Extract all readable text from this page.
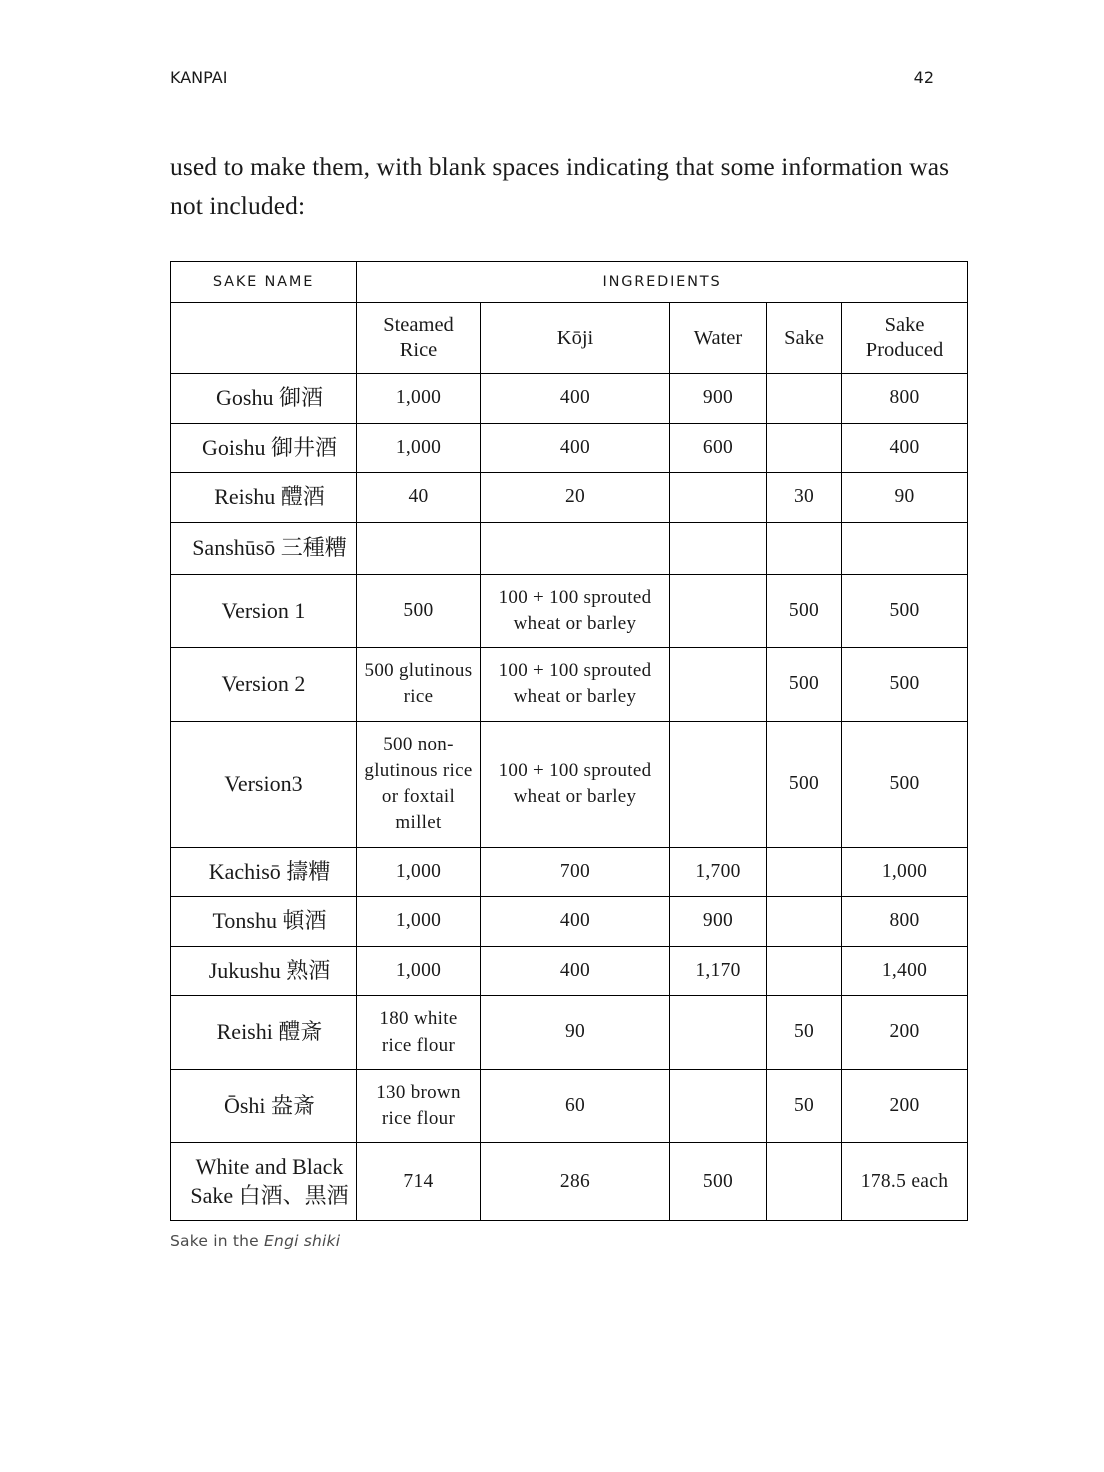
KANPAI	42
used to make them, with blank spaces indicating that some information was not included:
SAKE NAME	INGREDIENTS				
	Steamed Rice	Kōji	Water	Sake	Sake Produced
Goshu 御酒	1,000	400	900		800
Goishu 御井酒	1,000	400	600		400
Reishu 醴酒	40	20		30	90
Sanshūsō 三種糟					
Version 1	500	100 + 100 sprouted wheat or barley		500	500
Version 2	500 glutinous rice	100 + 100 sprouted wheat or barley		500	500
Version3	500 non-glutinous rice or foxtail millet	100 + 100 sprouted wheat or barley		500	500
Kachisō 擣糟	1,000	700	1,700		1,000
Tonshu 頓酒	1,000	400	900		800
Jukushu 熟酒	1,000	400	1,170		1,400
Reishi 醴斎	180 white rice flour	90		50	200
Ōshi 盎斎	130 brown rice flour	60		50	200
White and Black Sake 白酒、黒酒	714	286	500		178.5 each
Sake in the Engi shiki
